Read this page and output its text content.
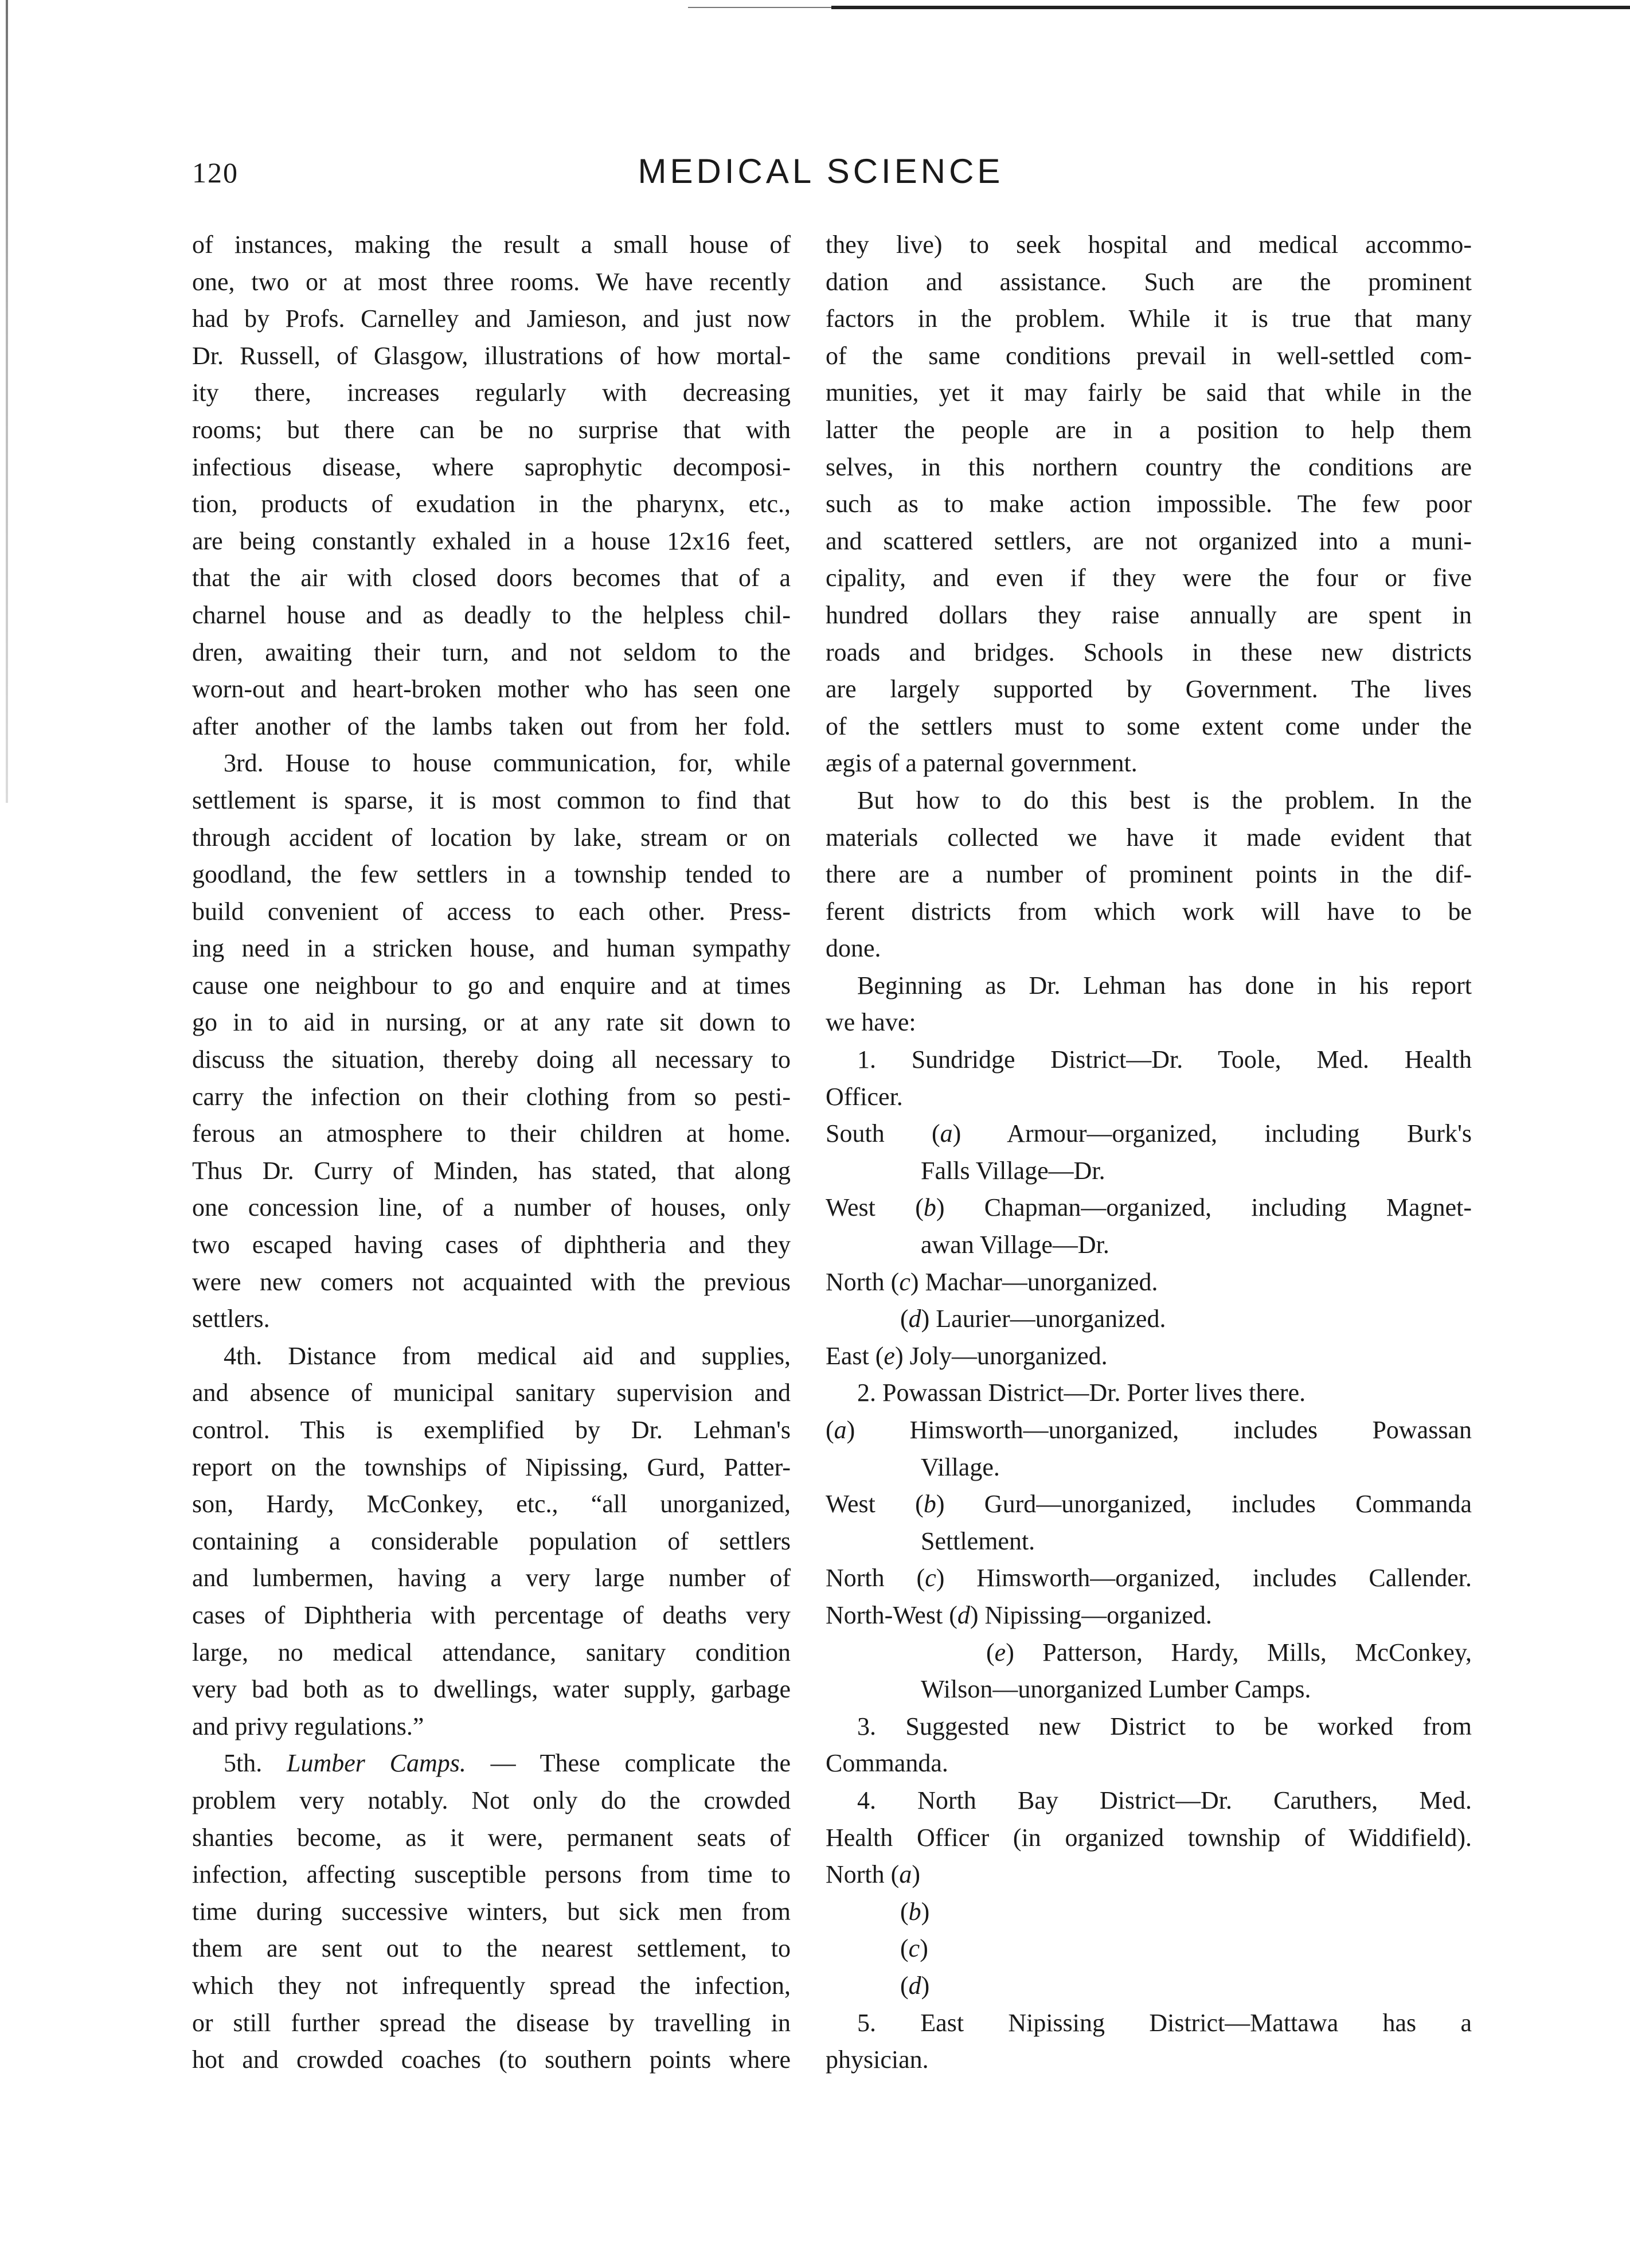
120	MEDICAL SCIENCE
of instances, making the result a small house of
one, two or at most three rooms. We have recently
had by Profs. Carnelley and Jamieson, and just now
Dr. Russell, of Glasgow, illustrations of how mortal-
ity there, increases regularly with decreasing
rooms; but there can be no surprise that with
infectious disease, where saprophytic decomposi-
tion, products of exudation in the pharynx, etc.,
are being constantly exhaled in a house 12x16 feet,
that the air with closed doors becomes that of a
charnel house and as deadly to the helpless chil-
dren, awaiting their turn, and not seldom to the
worn-out and heart-broken mother who has seen one
after another of the lambs taken out from her fold.
3rd. House to house communication, for, while
settlement is sparse, it is most common to find that
through accident of location by lake, stream or on
goodland, the few settlers in a township tended to
build convenient of access to each other. Press-
ing need in a stricken house, and human sympathy
cause one neighbour to go and enquire and at times
go in to aid in nursing, or at any rate sit down to
discuss the situation, thereby doing all necessary to
carry the infection on their clothing from so pesti-
ferous an atmosphere to their children at home.
Thus Dr. Curry of Minden, has stated, that along
one concession line, of a number of houses, only
two escaped having cases of diphtheria and they
were new comers not acquainted with the previous
settlers.
4th. Distance from medical aid and supplies,
and absence of municipal sanitary supervision and
control. This is exemplified by Dr. Lehman's
report on the townships of Nipissing, Gurd, Patter-
son, Hardy, McConkey, etc., “all unorganized,
containing a considerable population of settlers
and lumbermen, having a very large number of
cases of Diphtheria with percentage of deaths very
large, no medical attendance, sanitary condition
very bad both as to dwellings, water supply, garbage
and privy regulations.”
5th. Lumber Camps. — These complicate the
problem very notably. Not only do the crowded
shanties become, as it were, permanent seats of
infection, affecting susceptible persons from time to
time during successive winters, but sick men from
them are sent out to the nearest settlement, to
which they not infrequently spread the infection,
or still further spread the disease by travelling in
hot and crowded coaches (to southern points where
they live) to seek hospital and medical accommo-
dation and assistance. Such are the prominent
factors in the problem. While it is true that many
of the same conditions prevail in well-settled com-
munities, yet it may fairly be said that while in the
latter the people are in a position to help them
selves, in this northern country the conditions are
such as to make action impossible. The few poor
and scattered settlers, are not organized into a muni-
cipality, and even if they were the four or five
hundred dollars they raise annually are spent in
roads and bridges. Schools in these new districts
are largely supported by Government. The lives
of the settlers must to some extent come under the
ægis of a paternal government.
But how to do this best is the problem. In the
materials collected we have it made evident that
there are a number of prominent points in the dif-
ferent districts from which work will have to be
done.
Beginning as Dr. Lehman has done in his report
we have:
1. Sundridge District—Dr. Toole, Med. Health
Officer.
South (a) Armour—organized, including Burk's
Falls Village—Dr.
West (b) Chapman—organized, including Magnet-
awan Village—Dr.
North (c) Machar—unorganized.
(d) Laurier—unorganized.
East (e) Joly—unorganized.
2. Powassan District—Dr. Porter lives there.
(a) Himsworth—unorganized, includes Powassan
Village.
West (b) Gurd—unorganized, includes Commanda
Settlement.
North (c) Himsworth—organized, includes Callender.
North-West (d) Nipissing—organized.
(e) Patterson, Hardy, Mills, McConkey,
Wilson—unorganized Lumber Camps.
3. Suggested new District to be worked from
Commanda.
4. North Bay District—Dr. Caruthers, Med.
Health Officer (in organized township of Widdifield).
North (a)
(b)
(c)
(d)
5. East Nipissing District—Mattawa has a
physician.
